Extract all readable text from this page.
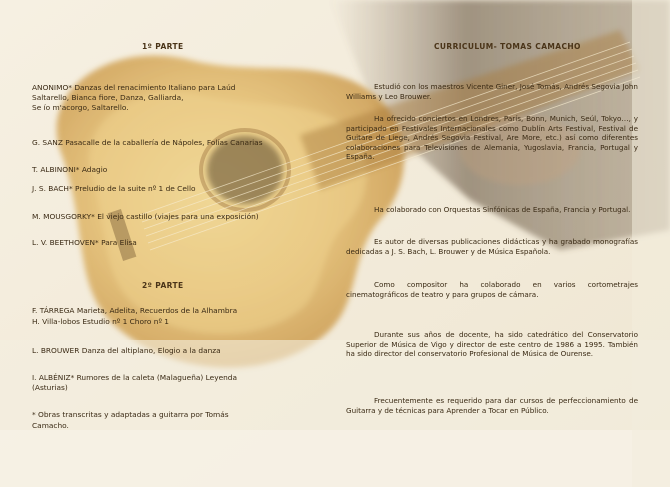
1º PARTE
ANONIMO* Danzas del renacimiento Italiano para Laúd
Saltarello, Bianca fiore, Danza, Galliarda,
Se ío m'acorgo, Saltarello.
G. SANZ Pasacalle de la caballería de Nápoles, Folías Canarias
T. ALBINONI* Adagio
J. S. BACH* Preludio de la suite nº 1 de Cello
M. MOUSGORKY* El viejo castillo (viajes para una exposición)
L. V. BEETHOVEN* Para Elisa
2º PARTE
F. TÁRREGA Marieta, Adelita, Recuerdos de la Alhambra
H. Villa-lobos Estudio nº 1 Choro nº 1
L. BROUWER Danza del altiplano, Elogio a la danza
I. ALBÉNIZ* Rumores de la caleta (Malagueña) Leyenda
(Asturias)
* Obras transcritas y adaptadas a guitarra por Tomás
Camacho.
CURRICULUM- TOMAS CAMACHO
Estudió con los maestros Vicente Giner, José Tomás, Andrés Segovia John Williams y Leo Brouwer.
Ha ofrecido conciertos en Londres, París, Bonn, Munich, Seúl, Tokyo…, y participado en Festivales Internacionales como Dublín Arts Festival, Festival de Guitare de Liege, Andrés Segovia Festival, Are More, etc.) así como diferentes colaboraciones para Televisiones de Alemania, Yugoslavia, Francia, Portugal y España.
Ha colaborado con Orquestas Sinfónicas de España, Francia y Portugal.
Es autor de diversas publicaciones didácticas y ha grabado monografías dedicadas a J. S. Bach, L. Brouwer y de Música Española.
Como compositor ha colaborado en varios cortometrajes cinematográficos de teatro y para grupos de cámara.
Durante sus años de docente, ha sido catedrático del Conservatorio Superior de Música de Vigo y director de este centro de 1986 a 1995. También ha sido director del conservatorio Profesional de Música de Ourense.
Frecuentemente es requerido para dar cursos de perfeccionamiento de Guitarra y de técnicas para Aprender a Tocar en Público.
